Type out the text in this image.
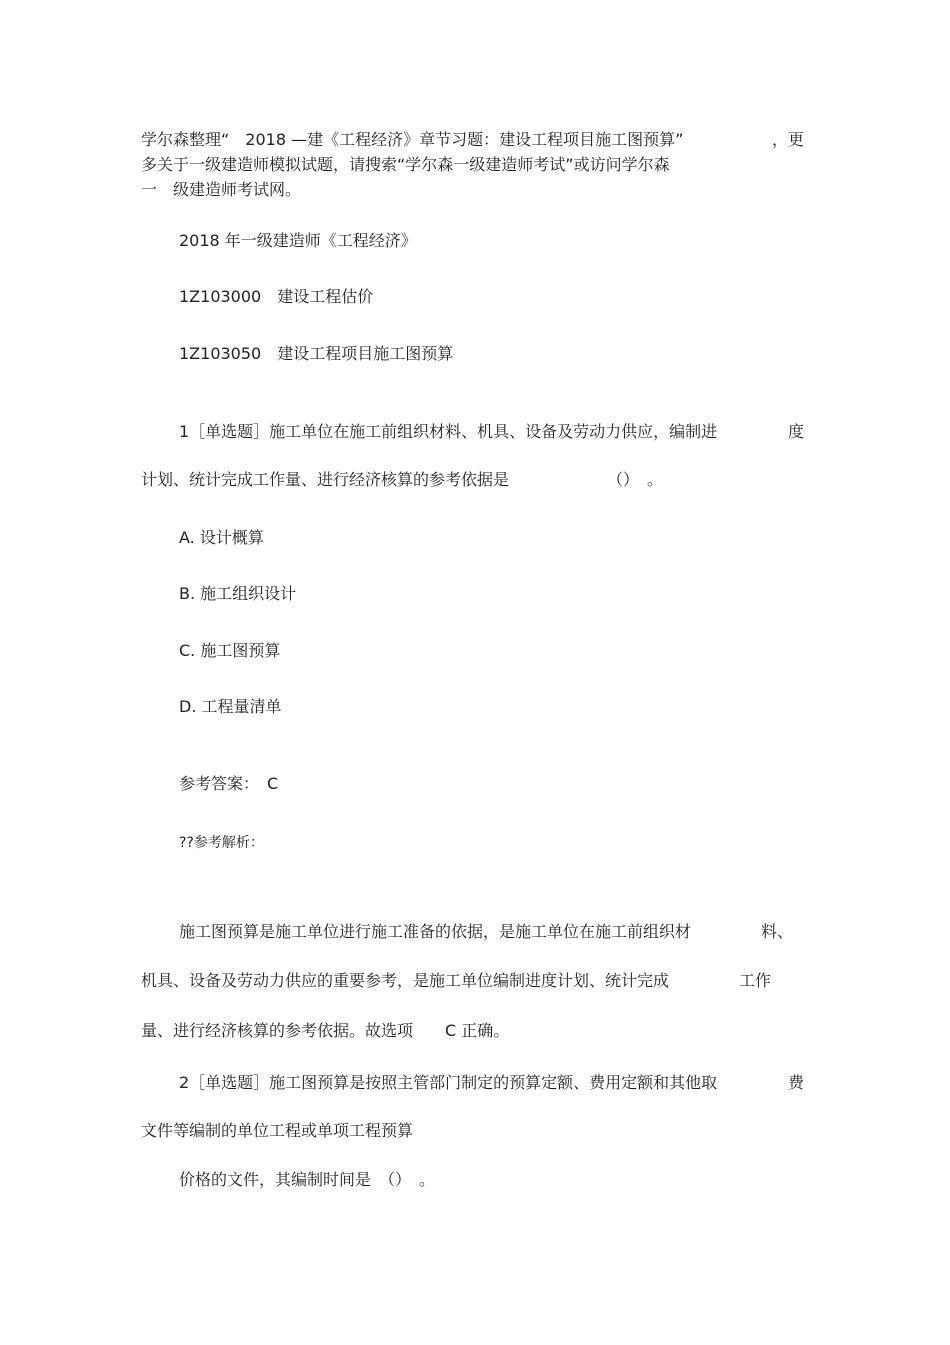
学尔森整理“　2018 —建《工程经济》章节习题：建设工程项目施工图预算”	，更
多关于一级建造师模拟试题，请搜索“学尔森一级建造师考试”或访问学尔森
一　级建造师考试网。
2018 年一级建造师《工程经济》
1Z103000　建设工程估价
1Z103050　建设工程项目施工图预算
1［单选题］施工单位在施工前组织材料、机具、设备及劳动力供应，编制进	度
计划、统计完成工作量、进行经济核算的参考依据是	（）　。
A. 设计概算
B. 施工组织设计
C. 施工图预算
D. 工程量清单
参考答案：　C
??参考解析：
施工图预算是施工单位进行施工准备的依据，是施工单位在施工前组织材	料、
机具、设备及劳动力供应的重要参考，是施工单位编制进度计划、统计完成	工作
量、进行经济核算的参考依据。故选项　　C 正确。
2［单选题］施工图预算是按照主管部门制定的预算定额、费用定额和其他取	费
文件等编制的单位工程或单项工程预算
价格的文件，其编制时间是　（）　。
